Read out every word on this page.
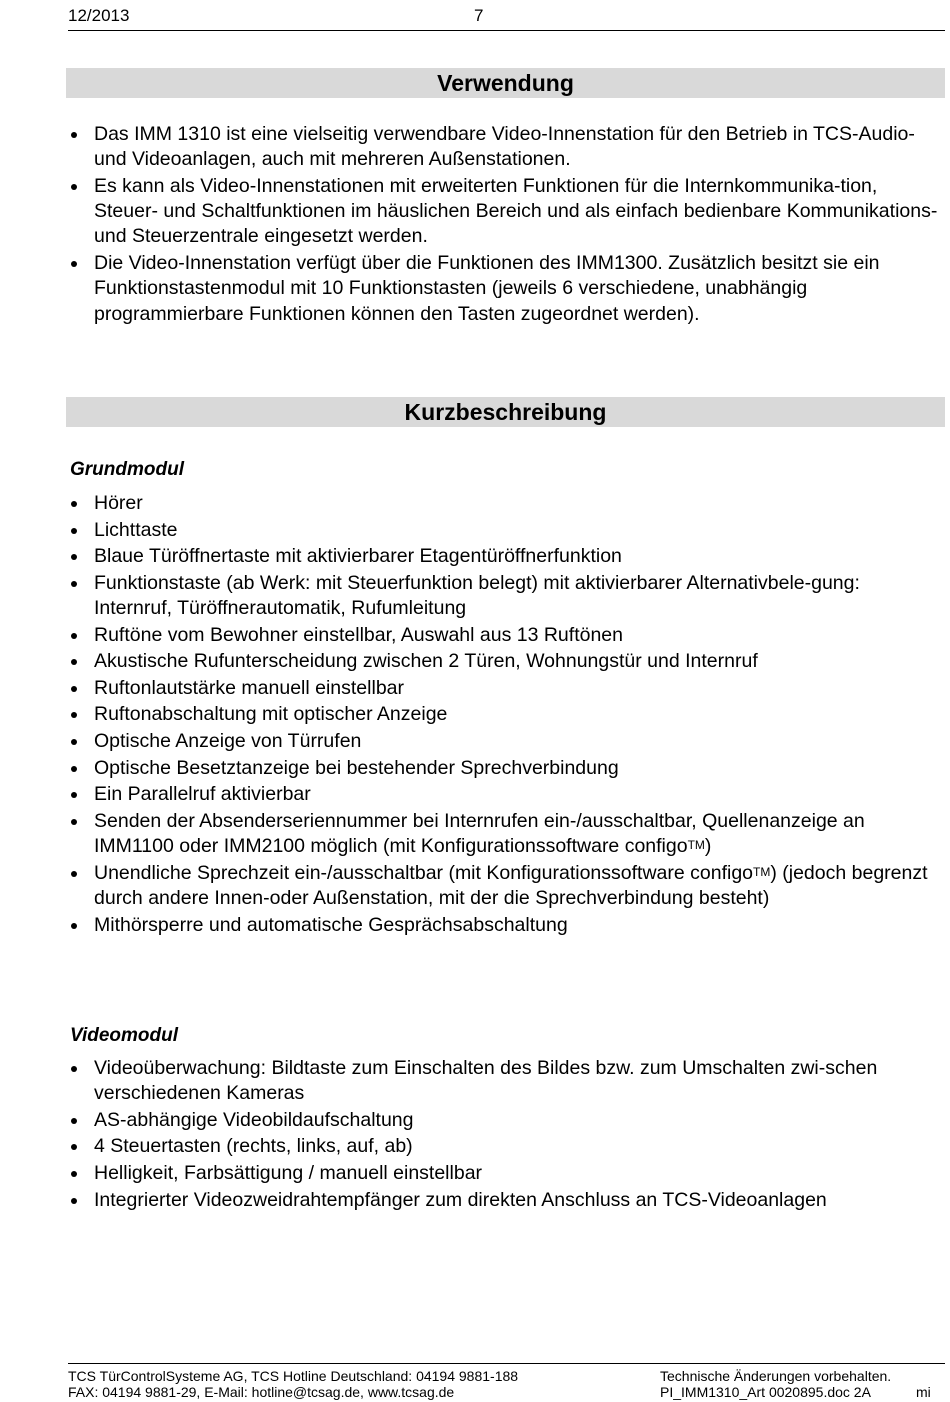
12/2013	7
Verwendung
Das IMM 1310 ist eine vielseitig verwendbare Video-Innenstation für den Betrieb in TCS-Audio- und Videoanlagen, auch mit mehreren Außenstationen.
Es kann als Video-Innenstationen mit erweiterten Funktionen für die Internkommunika-tion, Steuer- und Schaltfunktionen im häuslichen Bereich und als einfach bedienbare Kommunikations- und Steuerzentrale eingesetzt werden.
Die Video-Innenstation verfügt über die Funktionen des IMM1300. Zusätzlich besitzt sie ein Funktionstastenmodul mit 10 Funktionstasten (jeweils 6 verschiedene, unabhängig programmierbare Funktionen können den Tasten zugeordnet werden).
Kurzbeschreibung
Grundmodul
Hörer
Lichttaste
Blaue Türöffnertaste mit aktivierbarer Etagentüröffnerfunktion
Funktionstaste (ab Werk: mit Steuerfunktion belegt) mit aktivierbarer Alternativbele-gung: Internruf, Türöffnerautomatik, Rufumleitung
Ruftöne vom Bewohner einstellbar, Auswahl aus 13 Ruftönen
Akustische Rufunterscheidung zwischen 2 Türen, Wohnungstür und Internruf
Ruftonlautstärke manuell einstellbar
Ruftonabschaltung mit optischer Anzeige
Optische Anzeige von Türrufen
Optische Besetztanzeige bei bestehender Sprechverbindung
Ein Parallelruf aktivierbar
Senden der Absenderseriennummer bei Internrufen ein-/ausschaltbar, Quellenanzeige an IMM1100 oder IMM2100 möglich (mit Konfigurationssoftware configo™)
Unendliche Sprechzeit ein-/ausschaltbar (mit Konfigurationssoftware configo™) (jedoch begrenzt durch andere Innen-oder Außenstation, mit der die Sprechverbindung besteht)
Mithörsperre und automatische Gesprächsabschaltung
Videomodul
Videoüberwachung: Bildtaste zum Einschalten des Bildes bzw. zum Umschalten zwi-schen verschiedenen Kameras
AS-abhängige Videobildaufschaltung
4 Steuertasten (rechts, links, auf, ab)
Helligkeit, Farbsättigung / manuell einstellbar
Integrierter Videozweidrahtempfänger zum direkten Anschluss an TCS-Videoanlagen
TCS TürControlSysteme AG, TCS Hotline Deutschland: 04194 9881-188
FAX: 04194 9881-29, E-Mail: hotline@tcsag.de, www.tcsag.de
Technische Änderungen vorbehalten.
PI_IMM1310_Art 0020895.doc 2A	mi
